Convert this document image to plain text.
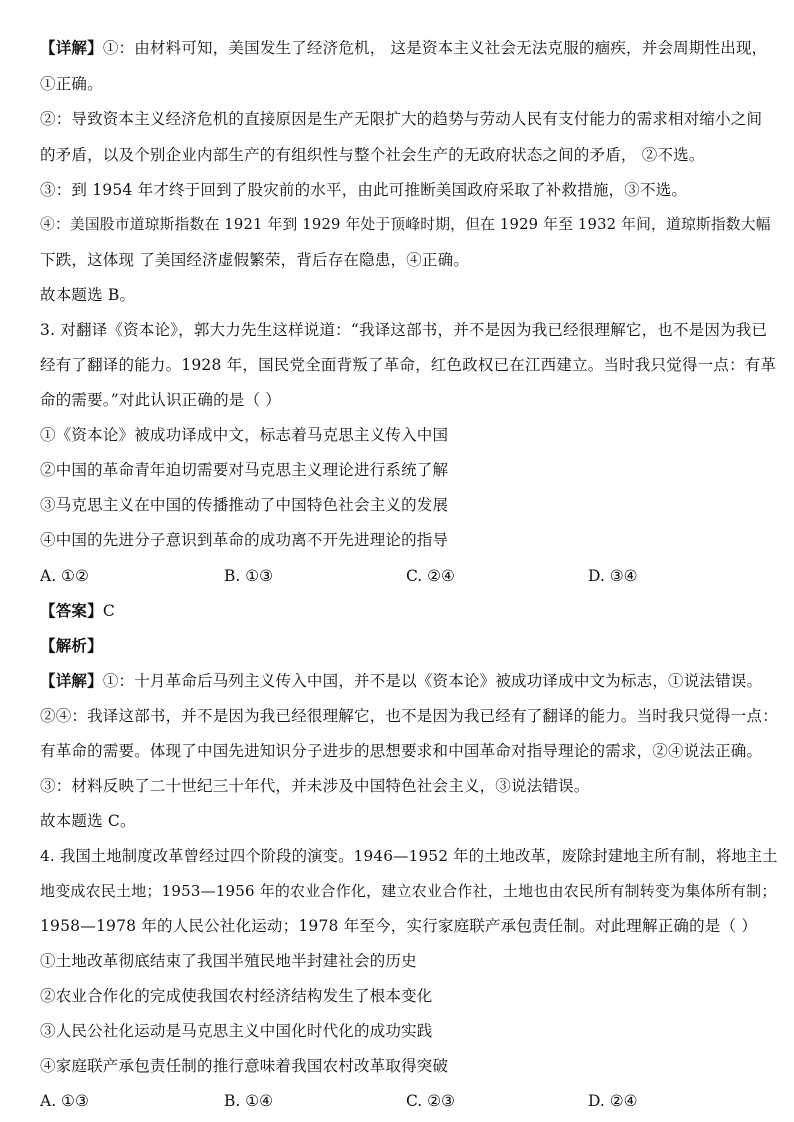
【详解】①：由材料可知，美国发生了经济危机， 这是资本主义社会无法克服的痼疾，并会周期性出现，
①正确。
②：导致资本主义经济危机的直接原因是生产无限扩大的趋势与劳动人民有支付能力的需求相对缩小之间
的矛盾，以及个别企业内部生产的有组织性与整个社会生产的无政府状态之间的矛盾， ②不选。
③：到 1954 年才终于回到了股灾前的水平，由此可推断美国政府采取了补救措施，③不选。
④：美国股市道琼斯指数在 1921 年到 1929 年处于顶峰时期，但在 1929 年至 1932 年间，道琼斯指数大幅
下跌，这体现 了美国经济虚假繁荣，背后存在隐患，④正确。
故本题选 B。
3. 对翻译《资本论》，郭大力先生这样说道：“我译这部书，并不是因为我已经很理解它，也不是因为我已
经有了翻译的能力。1928 年，国民党全面背叛了革命，红色政权已在江西建立。当时我只觉得一点：有革
命的需要。”对此认识正确的是（ ）
①《资本论》被成功译成中文，标志着马克思主义传入中国
②中国的革命青年迫切需要对马克思主义理论进行系统了解
③马克思主义在中国的传播推动了中国特色社会主义的发展
④中国的先进分子意识到革命的成功离不开先进理论的指导
A. ①②	B. ①③	C. ②④	D. ③④
【答案】C
【解析】
【详解】①：十月革命后马列主义传入中国，并不是以《资本论》被成功译成中文为标志，①说法错误。
②④：我译这部书，并不是因为我已经很理解它，也不是因为我已经有了翻译的能力。当时我只觉得一点：
有革命的需要。体现了中国先进知识分子进步的思想要求和中国革命对指导理论的需求，②④说法正确。
③：材料反映了二十世纪三十年代，并未涉及中国特色社会主义，③说法错误。
故本题选 C。
4. 我国土地制度改革曾经过四个阶段的演变。1946—1952 年的土地改革，废除封建地主所有制，将地主土
地变成农民土地；1953—1956 年的农业合作化，建立农业合作社，土地也由农民所有制转变为集体所有制；
1958—1978 年的人民公社化运动；1978 年至今，实行家庭联产承包责任制。对此理解正确的是（ ）
①土地改革彻底结束了我国半殖民地半封建社会的历史
②农业合作化的完成使我国农村经济结构发生了根本变化
③人民公社化运动是马克思主义中国化时代化的成功实践
④家庭联产承包责任制的推行意味着我国农村改革取得突破
A. ①③	B. ①④	C. ②③	D. ②④
